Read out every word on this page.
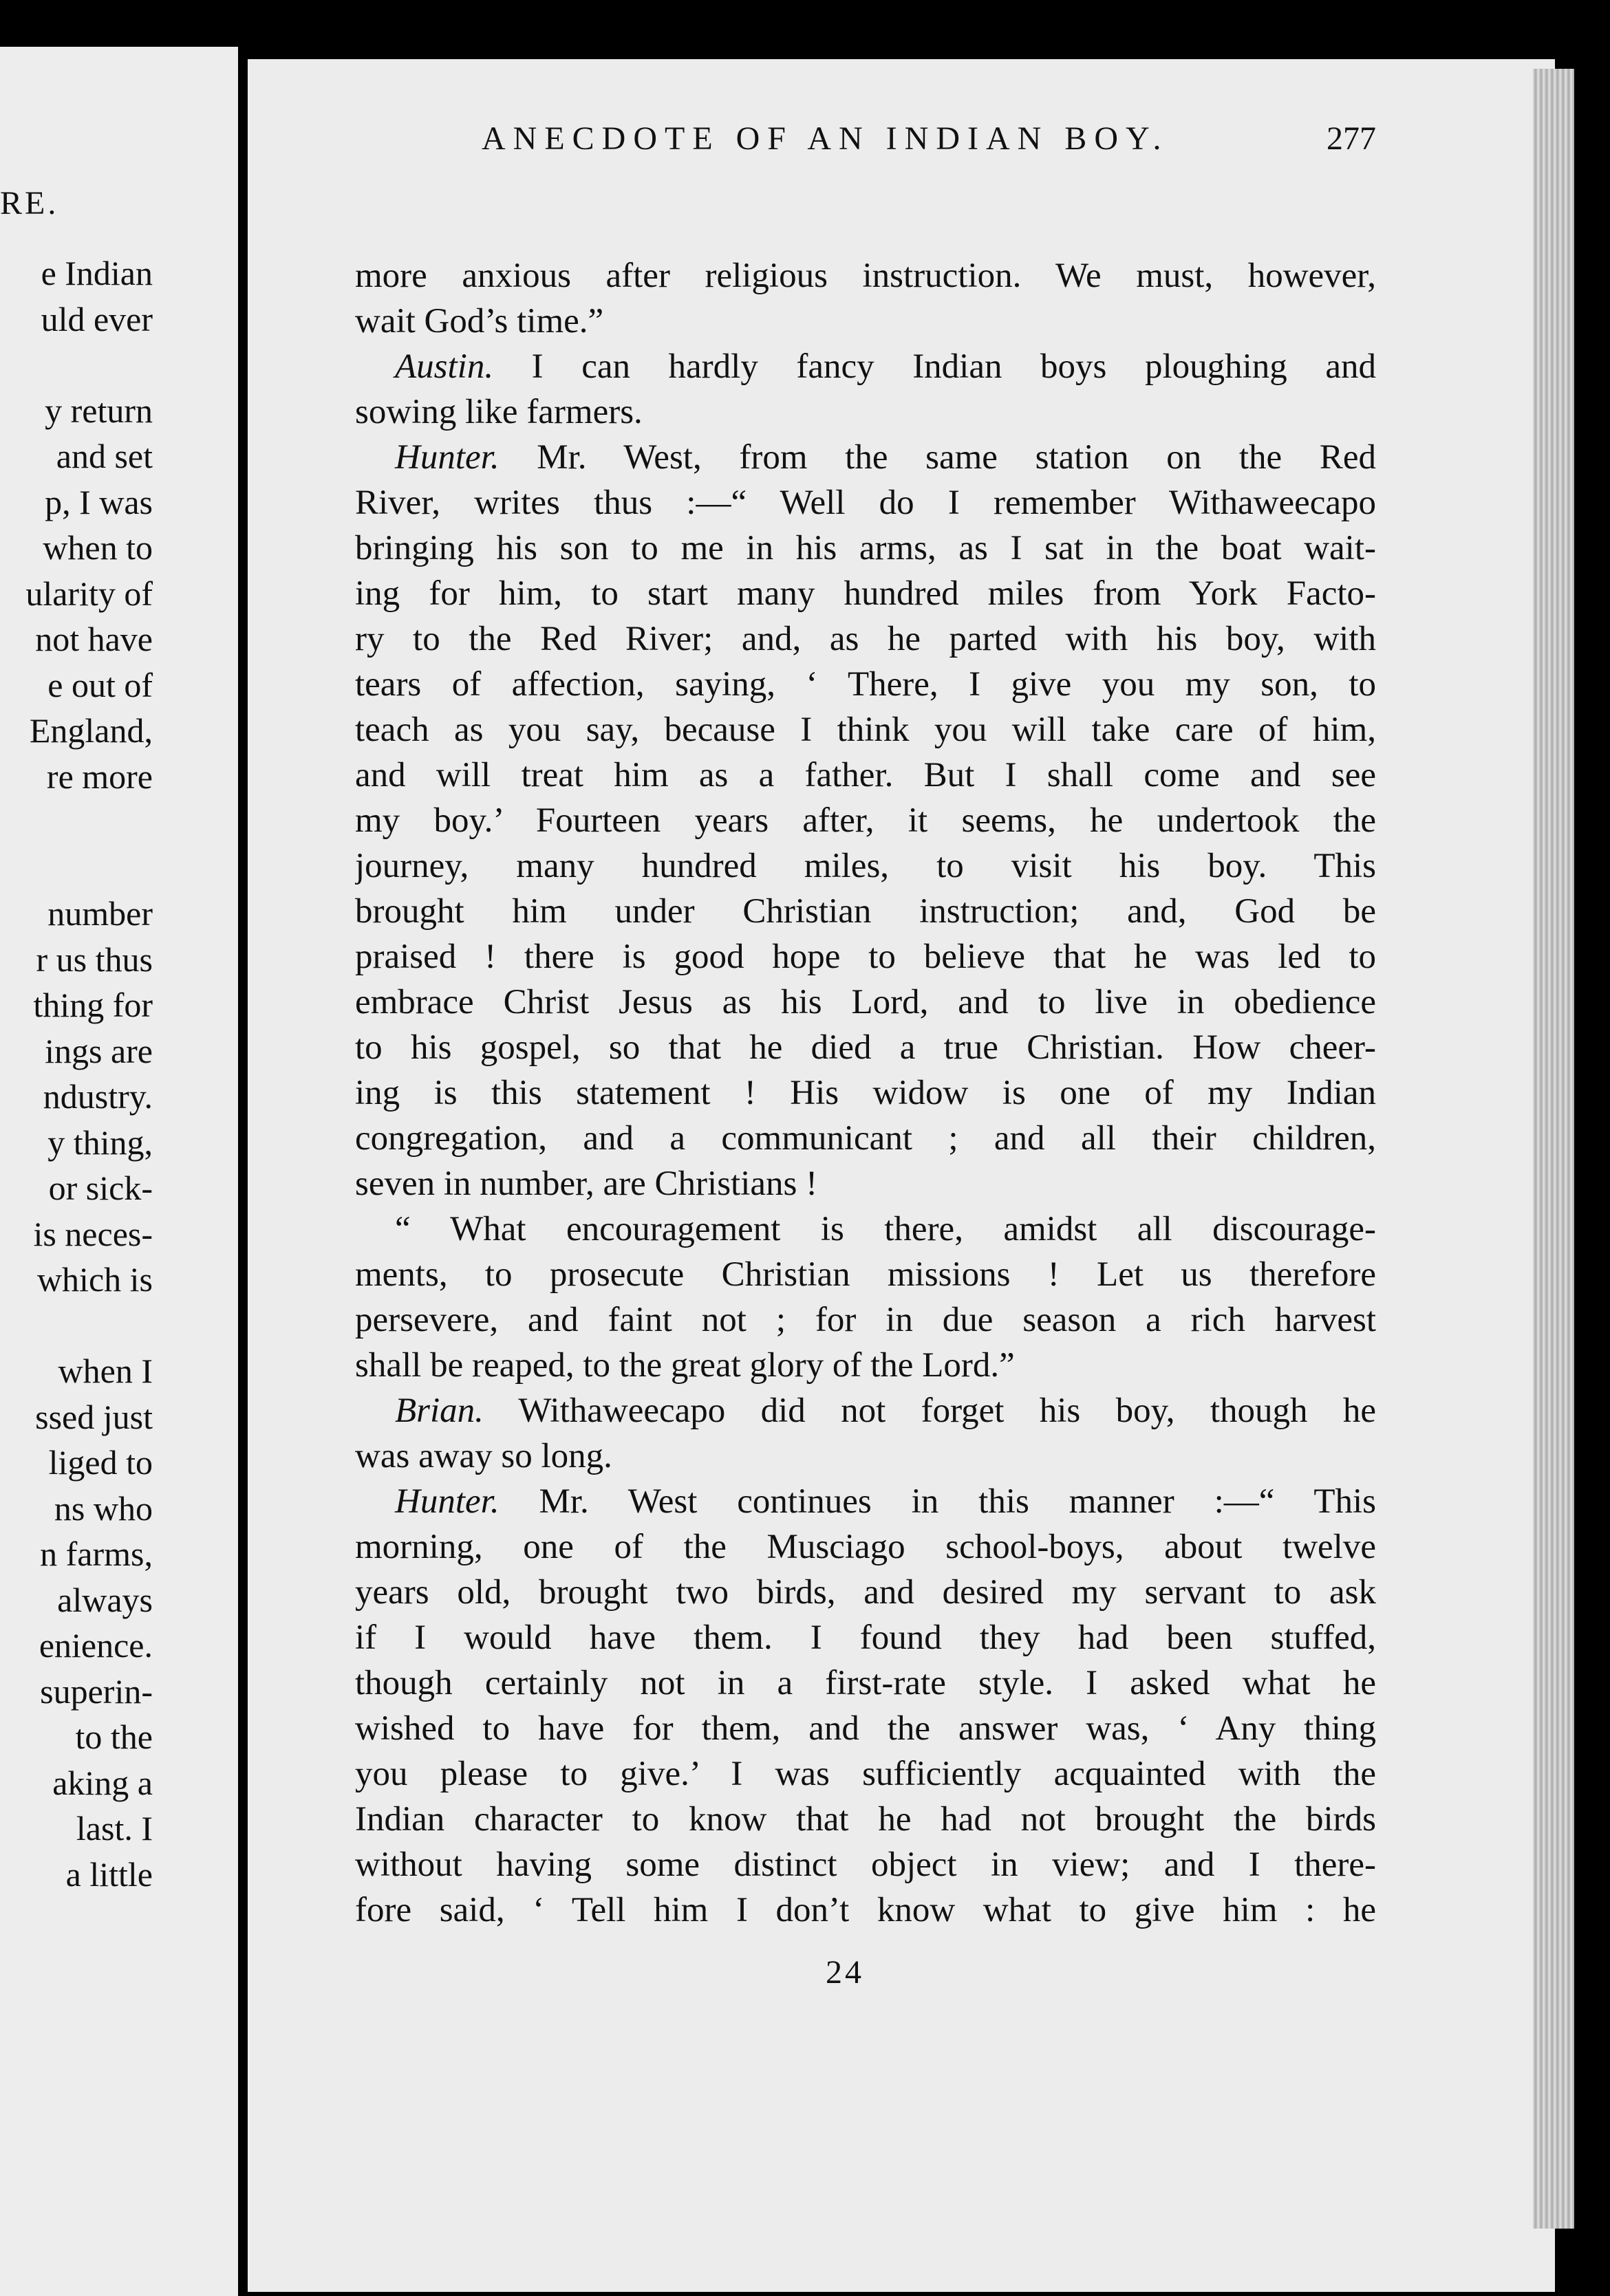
RE.
e Indian
uld ever
y return
and set
p, I was
when to
ularity of
not have
e out of
England,
re more
number
r us thus
thing for
ings are
ndustry.
y thing,
or sick-
is neces-
which is
when I
ssed just
liged to
ns who
n farms,
always
enience.
superin-
to the
aking a
last. I
a little
ANECDOTE OF AN INDIAN BOY.	277
more anxious after religious instruction. We must, however,
wait God’s time.”
Austin. I can hardly fancy Indian boys ploughing and
sowing like farmers.
Hunter. Mr. West, from the same station on the Red
River, writes thus :—“ Well do I remember Withaweecapo
bringing his son to me in his arms, as I sat in the boat wait-
ing for him, to start many hundred miles from York Facto-
ry to the Red River; and, as he parted with his boy, with
tears of affection, saying, ‘ There, I give you my son, to
teach as you say, because I think you will take care of him,
and will treat him as a father. But I shall come and see
my boy.’ Fourteen years after, it seems, he undertook the
journey, many hundred miles, to visit his boy. This
brought him under Christian instruction; and, God be
praised ! there is good hope to believe that he was led to
embrace Christ Jesus as his Lord, and to live in obedience
to his gospel, so that he died a true Christian. How cheer-
ing is this statement ! His widow is one of my Indian
congregation, and a communicant ; and all their children,
seven in number, are Christians !
“ What encouragement is there, amidst all discourage-
ments, to prosecute Christian missions ! Let us therefore
persevere, and faint not ; for in due season a rich harvest
shall be reaped, to the great glory of the Lord.”
Brian. Withaweecapo did not forget his boy, though he
was away so long.
Hunter. Mr. West continues in this manner :—“ This
morning, one of the Musciago school-boys, about twelve
years old, brought two birds, and desired my servant to ask
if I would have them. I found they had been stuffed,
though certainly not in a first-rate style. I asked what he
wished to have for them, and the answer was, ‘ Any thing
you please to give.’ I was sufficiently acquainted with the
Indian character to know that he had not brought the birds
without having some distinct object in view; and I there-
fore said, ‘ Tell him I don’t know what to give him : he
24
